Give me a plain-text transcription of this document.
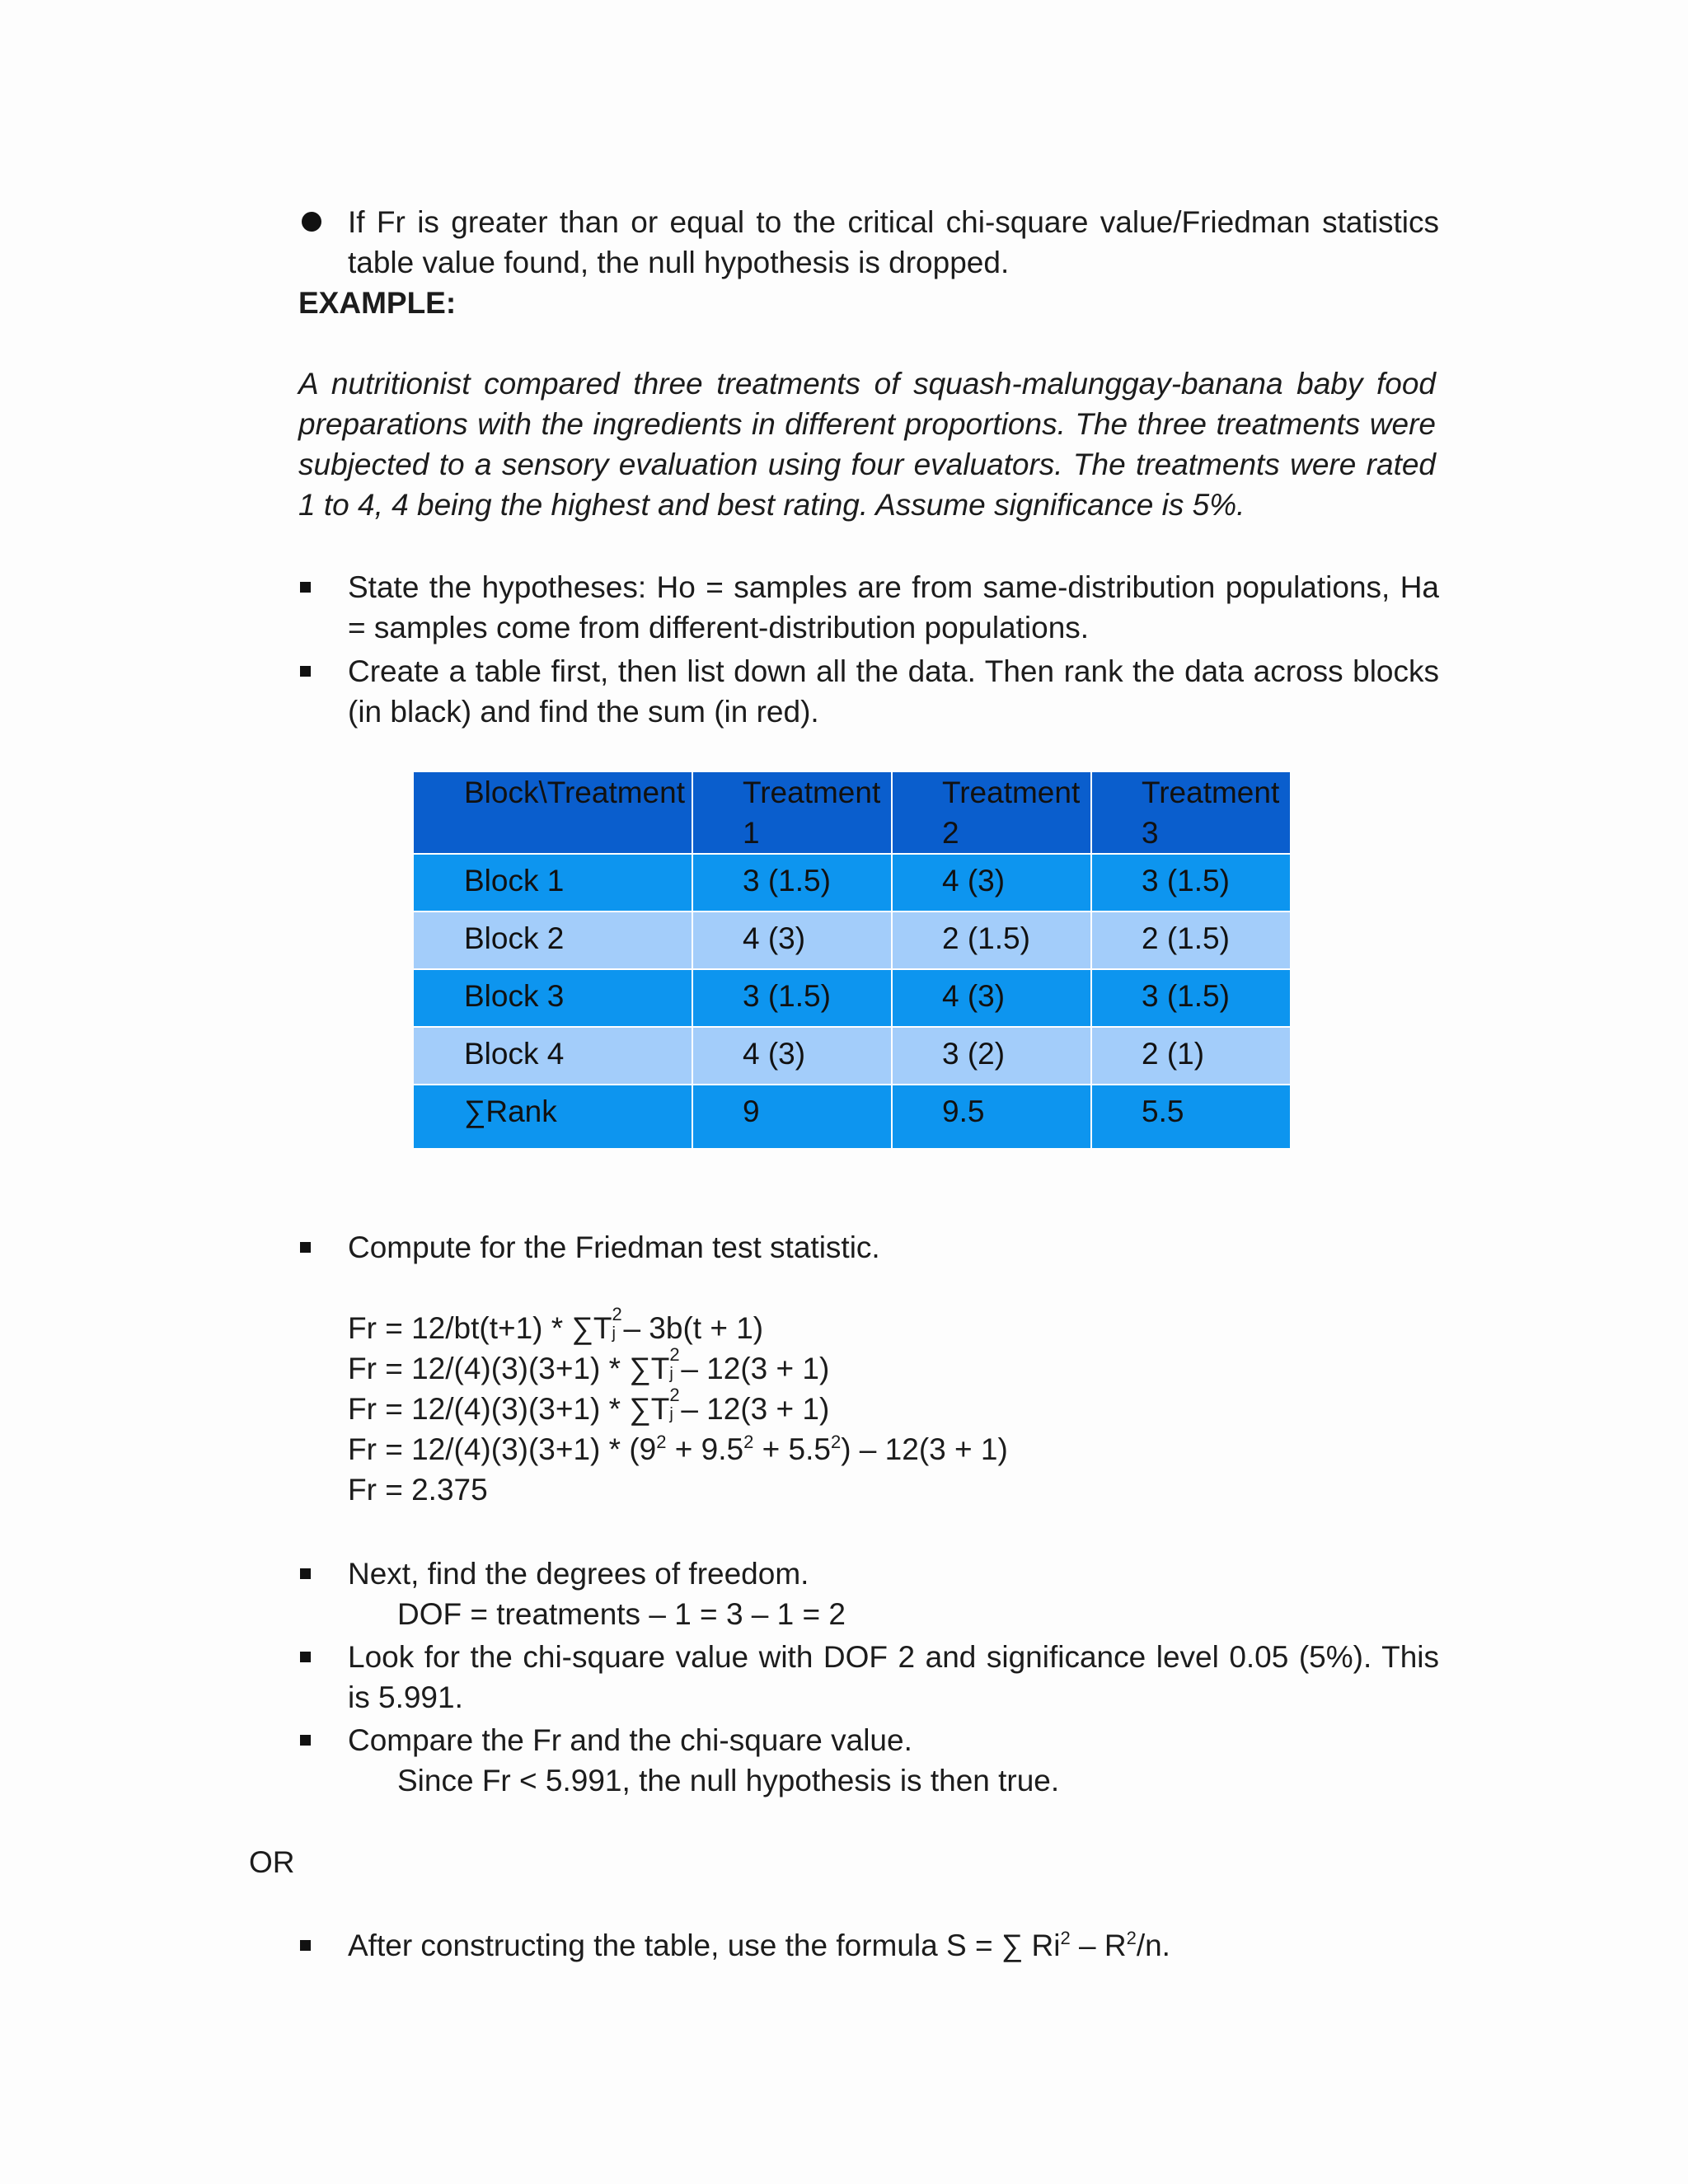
If Fr is greater than or equal to the critical chi-square value/Friedman statistics table value found, the null hypothesis is dropped.
EXAMPLE:
A nutritionist compared three treatments of squash-malunggay-banana baby food preparations with the ingredients in different proportions. The three treatments were subjected to a sensory evaluation using four evaluators. The treatments were rated 1 to 4, 4 being the highest and best rating. Assume significance is 5%.
State the hypotheses: Ho = samples are from same-distribution populations, Ha = samples come from different-distribution populations.
Create a table first, then list down all the data. Then rank the data across blocks (in black) and find the sum (in red).
Block\Treatment	Treatment 1	Treatment 2	Treatment 3

Block 1	3 (1.5)	4 (3)	3 (1.5)
Block 2	4 (3)	2 (1.5)	2 (1.5)
Block 3	3 (1.5)	4 (3)	3 (1.5)
Block 4	4 (3)	3 (2)	2 (1)
∑Rank	9	9.5	5.5
Compute for the Friedman test statistic.
Fr = 12/bt(t+1) * ∑T 2
j – 3b(t + 1)
Fr = 12/(4)(3)(3+1) * ∑T 2
j – 12(3 + 1)
Fr = 12/(4)(3)(3+1) * ∑T 2
j – 12(3 + 1)
$Fr = 12/(4)(3)(3+1) * (9^2 + 9.5^2 + 5.5^2) - 12(3 + 1)$
Fr = 2.375
Next, find the degrees of freedom.
DOF = treatments – 1 = 3 – 1 = 2
Look for the chi-square value with DOF 2 and significance level 0.05 (5%). This is 5.991.
Compare the Fr and the chi-square value.
Since Fr < 5.991, the null hypothesis is then true.
OR
After constructing the table, use the formula S = ∑ $Ri^2 - R^2/n$.
